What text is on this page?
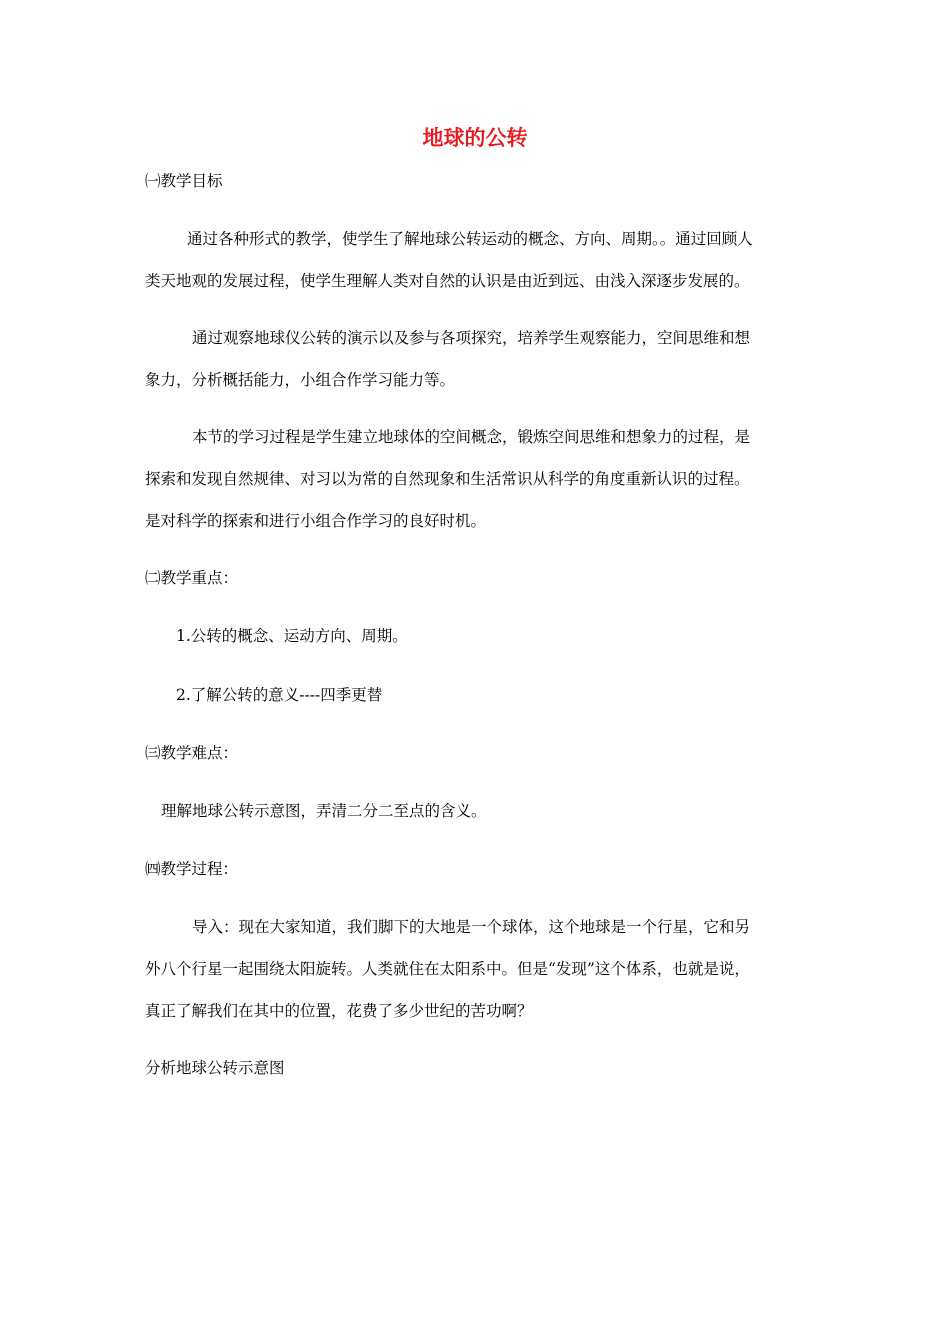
地球的公转
㈠教学目标
通过各种形式的教学，使学生了解地球公转运动的概念、方向、周期。。通过回顾人
类天地观的发展过程，使学生理解人类对自然的认识是由近到远、由浅入深逐步发展的。
通过观察地球仪公转的演示以及参与各项探究，培养学生观察能力，空间思维和想
象力，分析概括能力，小组合作学习能力等。
本节的学习过程是学生建立地球体的空间概念，锻炼空间思维和想象力的过程，是
探索和发现自然规律、对习以为常的自然现象和生活常识从科学的角度重新认识的过程。
是对科学的探索和进行小组合作学习的良好时机。
㈡教学重点：
1.公转的概念、运动方向、周期。
2.了解公转的意义----四季更替
㈢教学难点：
理解地球公转示意图，弄清二分二至点的含义。
㈣教学过程：
导入：现在大家知道，我们脚下的大地是一个球体，这个地球是一个行星，它和另
外八个行星一起围绕太阳旋转。人类就住在太阳系中。但是“发现”这个体系，也就是说，
真正了解我们在其中的位置，花费了多少世纪的苦功啊？
分析地球公转示意图
